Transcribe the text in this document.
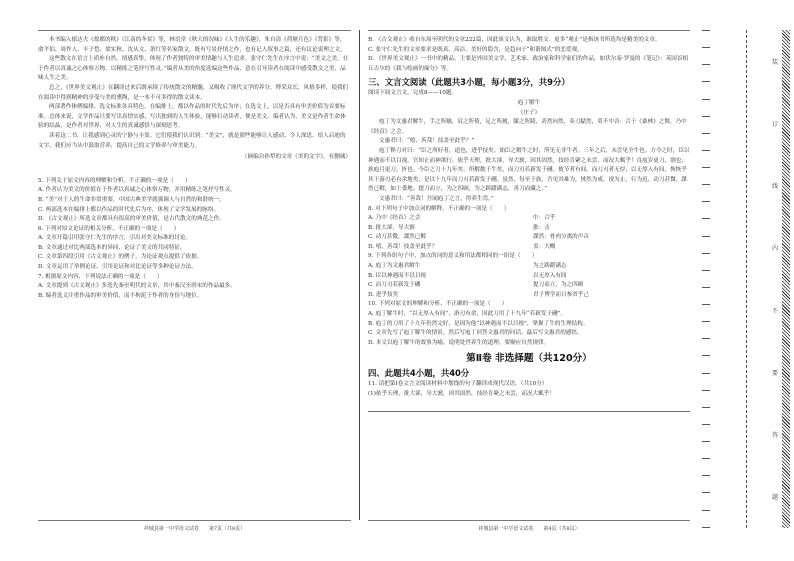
本书编入郁达夫《故都的秋》《江南的冬景》等，林语堂《秋天的况味》《人生的乐趣》，朱自清《荷塘月色》《背影》等，俞平伯、周作人、丰子恺、梁实秋、沈从文、萧红等名家散文，既有写景抒情之作，也有记人叙事之篇，还有议论说理之文。

这些散文在语言上质朴自然，情感真挚，体现了作者独特的审美情趣与人生追求。张守仁先生在序言中说：“美文之美，在于作者以真诚之心体察万物，以精练之笔抒写性灵。”编者从美的角度选编这些作品，意在引导读者在阅读中感受散文之美、品味人生之美。

总之，《世界美文观止》在翻译过来后既承续了传统散文的精髓，又吸收了现代文学的养分，博采众长，风格多样，使我们在阅读中得到精神的享受与美的熏陶，是一本不可多得的散文读本。

两部著作体例编排、选文标准各具特色。在编排上，都以作品的时代先后为序；在选文上，以是否具有审美价值为首要标准。总体来说，文学作品只要写出真情实感、写出独到的人生体验，能够打动读者，便是美文。编者认为，美文是作者生命体验的结晶，是作者对世界、对人生的真诚感悟与深刻思考。

读着这二书，让我感到心灵的宁静与丰盈。它们使我们认识到：“美文”，就是那些能够让人感动、令人深思、给人启迪的文字，我们应当从中汲取营养，提高自己的文学修养与审美能力。

（摘编自孙犁的文章《美的文字》，有删减）

5. 下列关于原文内容的理解和分析，不正确的一项是（　　）

A. 作者认为美文的价值在于作者以真诚之心体察万物，并用精练之笔抒写性灵。

B. “美”对于人的生命非常重要，中国古典美学就强调人与自然的和谐统一。

C. 两部选本在编排上都以作品的时代先后为序，体现了文学发展的脉络。

D. 《古文观止》所选文章都具有很高的审美价值，是古代散文的典范之作。

6. 下列对原文论证的相关分析，不正确的一项是（　　）

A. 文章开篇引用张守仁先生的序言，引出对美文标准的讨论。

B. 文章通过对比两部选本的异同，论证了美文的共同特征。

C. 文章第四段引用《古文观止》的例子，为论证观点提供了依据。

D. 文章运用了举例论证、引用论证和对比论证等多种论证方法。

7. 根据原文内容，下列说法正确的一项是（　　）

A. 文章提到《古文观止》多选先秦至明代的文章，其中秦汉至唐宋的作品最多。

B. 编者选文注重作品的审美价值，而不拘泥于作者的身份与地位。

B. 《古文观止》收自东周至明代的文章222篇，因此该文认为，谁取胜文。更多“观止”是指该书所选均是精美的文章。

C. 张守仁先生的文章要求是既真、高洁、美好的隐含，是趋向于“和谐图式”的恋爱观。

D. 《世界美文观止》一书中的精品，主要是外国美文学、艺术家、政治家和科学家们的作品，如伏尔泰·罗曼的《笔记》：英国首相丘吉尔的《我与绘画的缘分》等。

三、文言文阅读（此题共3小题，每小题3分，共9分）

阅读下面文言文，完成8——10题。

庖丁解牛

《庄子》

庖丁为文惠君解牛，手之所触，肩之所倚，足之所履，膝之所踦，砉然向然，奏刀騞然，莫不中音：合于《桑林》之舞，乃中《经首》之会。

文惠君曰：“嘻，善哉！技盖至此乎？”

庖丁释刀对曰：“臣之所好者，道也，进乎技矣。始臣之解牛之时，所见无非牛者。三年之后，未尝见全牛也。方今之时，臣以神遇而不以目视，官知止而神欲行。依乎天理，批大郤，导大窾，因其固然，技经肯綮之未尝，而况大軱乎！良庖岁更刀，割也；族庖月更刀，折也。今臣之刀十九年矣，所解数千牛矣，而刀刃若新发于硎。彼节者有间，而刀刃者无厚；以无厚入有间，恢恢乎其于游刃必有余地矣，是以十九年而刀刃若新发于硎。虽然，每至于族，吾见其难为，怵然为戒，视为止，行为迟。动刀甚微，謋然已解，如土委地。提刀而立，为之四顾，为之踌躇满志，善刀而藏之。”

文惠君曰：“善哉！吾闻庖丁之言，得养生焉。”

8. 对下列句子中加点词的解释，不正确的一项是（　　）

A. 乃中《经首》之会	中：合乎

B. 批大郤，导大窾	批：击

C. 动刀甚微，謋然已解	謋然：骨肉分离的声音

D. 嘻，善哉！技盖至此乎？	盖：大概

9. 下列各组句子中，加点的词的意义和用法都相同的一组是（　　）

A. 庖丁为文惠君解牛	为之踌躇满志

B. 臣以神遇而不以目视	以无厚入有间

C. 而刀刃若新发于硎	提刀而立，为之四顾

D. 进乎技矣	君子博学而日参省乎己

10. 下列对原文的理解和分析，不正确的一项是（　　）

A. 庖丁解牛时，“以无厚入有间”，游刃有余，因此刀用了十九年“若新发于硎”。

B. 庖丁的刀用了十九年仍然完好，是因为他“以神遇而不以目视”，掌握了牛的生理结构。

C. 文章先写了庖丁解牛的情景，然后写庖丁回答文惠君的问话，最后写文惠君的感悟。

D. 本文以庖丁解牛的故事为喻，说明处世养生的道理，要顺应自然规律。

第Ⅱ卷 非选择题（共120分）

四、此题共4小题，共40分

11. 请把第Ⅰ卷文言文阅读材料中划线的句子翻译成现代汉语。（共10分）

(1)依乎天理，批大郤，导大窾，因其固然，技经肯綮之未尝，而况大軱乎！

祥城县第一中学语文试卷　　第7页（共8页）	祥城县第一中学语文试卷　　第4页（共8页）
装
订
线
内
不
要
答
题
